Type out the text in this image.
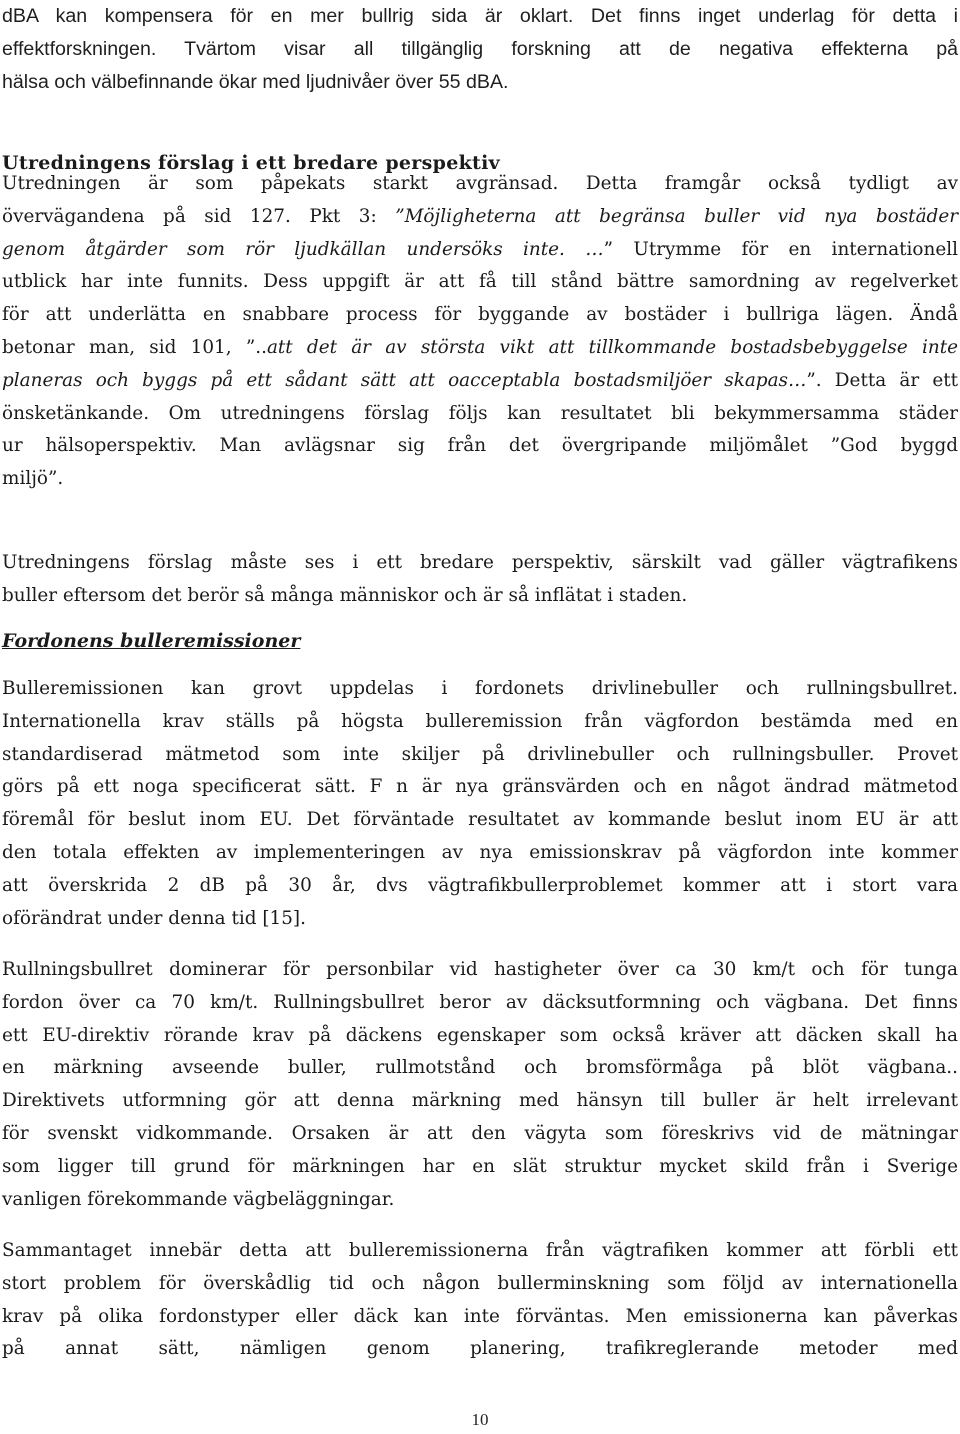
dBA kan kompensera för en mer bullrig sida är oklart. Det finns inget underlag för detta i
effektforskningen. Tvärtom visar all tillgänglig forskning att de negativa effekterna på
hälsa och välbefinnande ökar med ljudnivåer över 55 dBA.
Utredningens förslag i ett bredare perspektiv
Utredningen är som påpekats starkt avgränsad. Detta framgår också tydligt av
övervägandena på sid 127. Pkt 3: ”Möjligheterna att begränsa buller vid nya bostäder
genom åtgärder som rör ljudkällan undersöks inte. …” Utrymme för en internationell
utblick har inte funnits. Dess uppgift är att få till stånd bättre samordning av regelverket
för att underlätta en snabbare process för byggande av bostäder i bullriga lägen. Ändå
betonar man, sid 101, ”..att det är av största vikt att tillkommande bostadsbebyggelse inte
planeras och byggs på ett sådant sätt att oacceptabla bostadsmiljöer skapas…”. Detta är ett
önsketänkande. Om utredningens förslag följs kan resultatet bli bekymmersamma städer
ur hälsoperspektiv. Man avlägsnar sig från det övergripande miljömålet ”God byggd
miljö”.
Utredningens förslag måste ses i ett bredare perspektiv, särskilt vad gäller vägtrafikens
buller eftersom det berör så många människor och är så inflätat i staden.
Fordonens bulleremissioner
Bulleremissionen kan grovt uppdelas i fordonets drivlinebuller och rullningsbullret.
Internationella krav ställs på högsta bulleremission från vägfordon bestämda med en
standardiserad mätmetod som inte skiljer på drivlinebuller och rullningsbuller. Provet
görs på ett noga specificerat sätt. F n är nya gränsvärden och en något ändrad mätmetod
föremål för beslut inom EU. Det förväntade resultatet av kommande beslut inom EU är att
den totala effekten av implementeringen av nya emissionskrav på vägfordon inte kommer
att överskrida 2 dB på 30 år, dvs vägtrafikbullerproblemet kommer att i stort vara
oförändrat under denna tid [15].
Rullningsbullret dominerar för personbilar vid hastigheter över ca 30 km/t och för tunga
fordon över ca 70 km/t. Rullningsbullret beror av däcksutformning och vägbana. Det finns
ett EU-direktiv rörande krav på däckens egenskaper som också kräver att däcken skall ha
en märkning avseende buller, rullmotstånd och bromsförmåga på blöt vägbana..
Direktivets utformning gör att denna märkning med hänsyn till buller är helt irrelevant
för svenskt vidkommande. Orsaken är att den vägyta som föreskrivs vid de mätningar
som ligger till grund för märkningen har en slät struktur mycket skild från i Sverige
vanligen förekommande vägbeläggningar.
Sammantaget innebär detta att bulleremissionerna från vägtrafiken kommer att förbli ett
stort problem för överskådlig tid och någon bullerminskning som följd av internationella
krav på olika fordonstyper eller däck kan inte förväntas. Men emissionerna kan påverkas
på annat sätt, nämligen genom planering, trafikreglerande metoder med
10
